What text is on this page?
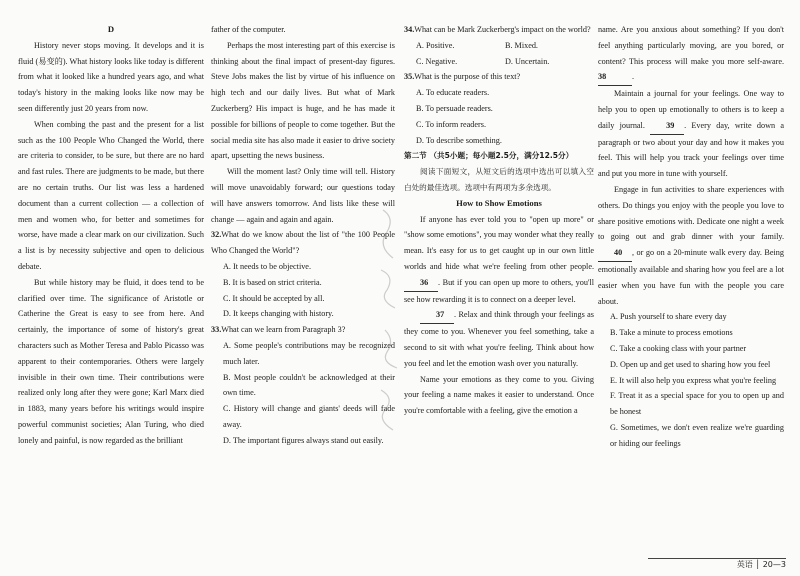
D

History never stops moving. It develops and it is fluid (易变的). What history looks like today is different from what it looked like a hundred years ago, and what today's history in the making looks like now may be seen differently just 20 years from now.

When combing the past and the present for a list such as the 100 People Who Changed the World, there are criteria to consider, to be sure, but there are no hard and fast rules. There are judgments to be made, but there are no certain truths. Our list was less a hardened document than a current collection — a collection of men and women who, for better and sometimes for worse, have made a clear mark on our civilization. Such a list is by necessity subjective and open to delicious debate.

But while history may be fluid, it does tend to be clarified over time. The significance of Aristotle or Catherine the Great is easy to see from here. And certainly, the importance of some of history's great characters such as Mother Teresa and Pablo Picasso was apparent to their contemporaries. Others were largely invisible in their own time. Their contributions were realized only long after they were gone; Karl Marx died in 1883, many years before his writings would inspire powerful communist societies; Alan Turing, who died lonely and painful, is now regarded as the brilliant

father of the computer.

Perhaps the most interesting part of this exercise is thinking about the final impact of present-day figures. Steve Jobs makes the list by virtue of his influence on high tech and our daily lives. But what of Mark Zuckerberg? His impact is huge, and he has made it possible for billions of people to come together. But the social media site has also made it easier to drive society apart, upsetting the news business.

Will the moment last? Only time will tell. History will move unavoidably forward; our questions today will have answers tomorrow. And lists like these will change — again and again and again.

32.What do we know about the list of "the 100 People Who Changed the World"?

A. It needs to be objective.

B. It is based on strict criteria.

C. It should be accepted by all.

D. It keeps changing with history.

33.What can we learn from Paragraph 3?

A. Some people's contributions may be recognized much later.

B. Most people couldn't be acknowledged at their own time.

C. History will change and giants' deeds will fade away.

D. The important figures always stand out easily.

34.What can be Mark Zuckerberg's impact on the world?

A. Positive.	B. Mixed.
C. Negative.	D. Uncertain.

35.What is the purpose of this text?

A. To educate readers.

B. To persuade readers.

C. To inform readers.

D. To describe something.

第二节 （共5小题；每小题2.5分，满分12.5分）

阅读下面短文，从短文后的选项中选出可以填入空白处的最佳选项。选项中有两项为多余选项。

How to Show Emotions

If anyone has ever told you to "open up more" or "show some emotions", you may wonder what they really mean. It's easy for us to get caught up in our own little worlds and hide what we're feeling from other people. 36 . But if you can open up more to others, you'll see how rewarding it is to connect on a deeper level.

37 . Relax and think through your feelings as they come to you. Whenever you feel something, take a second to sit with what you're feeling. Think about how you feel and let the emotion wash over you naturally.

Name your emotions as they come to you. Giving your feeling a name makes it easier to understand. Once you're comfortable with a feeling, give the emotion a

name. Are you anxious about something? If you don't feel anything particularly moving, are you bored, or content? This process will make you more self-aware. 38	.

Maintain a journal for your feelings. One way to help you to open up emotionally to others is to keep a daily journal. 39 . Every day, write down a paragraph or two about your day and how it makes you feel. This will help you track your feelings over time and put you more in tune with yourself.

Engage in fun activities to share experiences with others. Do things you enjoy with the people you love to share positive emotions with. Dedicate one night a week to going out and grab dinner with your family. 40 , or go on a 20-minute walk every day. Being emotionally available and sharing how you feel are a lot easier when you have fun with the people you care about.

A. Push yourself to share every day

B. Take a minute to process emotions

C. Take a cooking class with your partner

D. Open up and get used to sharing how you feel

E. It will also help you express what you're feeling

F. Treat it as a special space for you to open up and be honest

G. Sometimes, we don't even realize we're guarding or hiding our feelings

英语 │ 20—3
